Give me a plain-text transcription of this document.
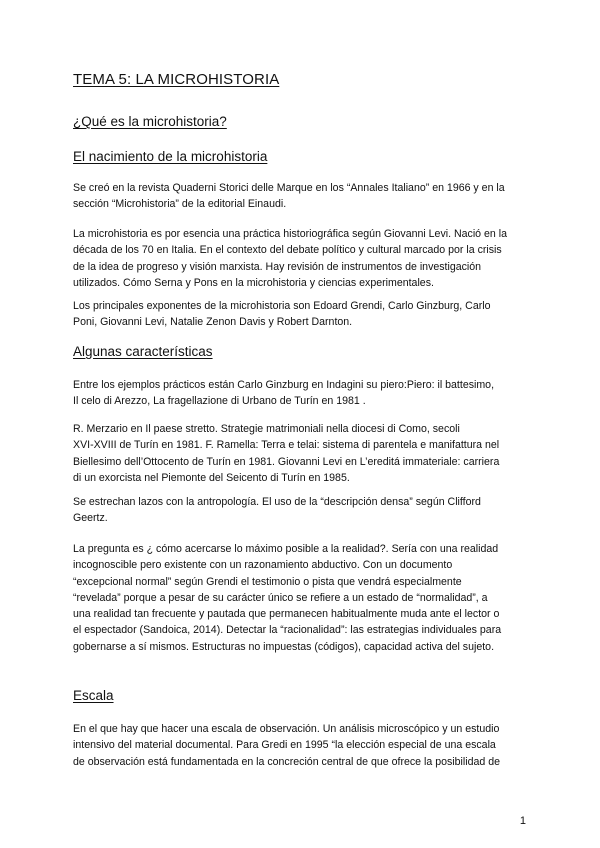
TEMA 5: LA MICROHISTORIA
¿Qué es la microhistoria?
El nacimiento de la microhistoria
Se creó en la revista Quaderni Storici delle Marque en los “Annales Italiano” en 1966 y en la
sección “Microhistoria” de la editorial Einaudi.
La microhistoria es por esencia una práctica historiográfica según Giovanni Levi. Nació en la
década de los 70 en Italia. En el contexto del debate político y cultural marcado por la crisis
de la idea de progreso y visión marxista. Hay revisión de instrumentos de investigación
utilizados. Cómo Serna y Pons en la microhistoria y ciencias experimentales.
Los principales exponentes de la microhistoria son Edoard Grendi, Carlo Ginzburg, Carlo
Poni, Giovanni Levi, Natalie Zenon Davis y Robert Darnton.
Algunas características
Entre los ejemplos prácticos están Carlo Ginzburg en Indagini su piero:Piero: il battesimo,
Il celo di Arezzo, La fragellazione di Urbano de Turín en 1981 .
R. Merzario en Il paese stretto. Strategie matrimoniali nella diocesi di Como, secoli
XVI-XVIII de Turín en 1981. F. Ramella: Terra e telai: sistema di parentela e manifattura nel
Biellesimo dell’Ottocento de Turín en 1981. Giovanni Levi en L’ereditá immateriale: carriera
di un exorcista nel Piemonte del Seicento di Turín en 1985.
Se estrechan lazos con la antropología. El uso de la “descripción densa” según Clifford
Geertz.
La pregunta es ¿ cómo acercarse lo máximo posible a la realidad?. Sería con una realidad
incognoscible pero existente con un razonamiento abductivo. Con un documento
“excepcional normal” según Grendi el testimonio o pista que vendrá especialmente
“revelada” porque a pesar de su carácter único se refiere a un estado de “normalidad”, a
una realidad tan frecuente y pautada que permanecen habitualmente muda ante el lector o
el espectador (Sandoica, 2014). Detectar la “racionalidad”: las estrategias individuales para
gobernarse a sí mismos. Estructuras no impuestas (códigos), capacidad activa del sujeto.
Escala
En el que hay que hacer una escala de observación. Un análisis microscópico y un estudio
intensivo del material documental. Para Gredi en 1995 “la elección especial de una escala
de observación está fundamentada en la concreción central de que ofrece la posibilidad de
1
